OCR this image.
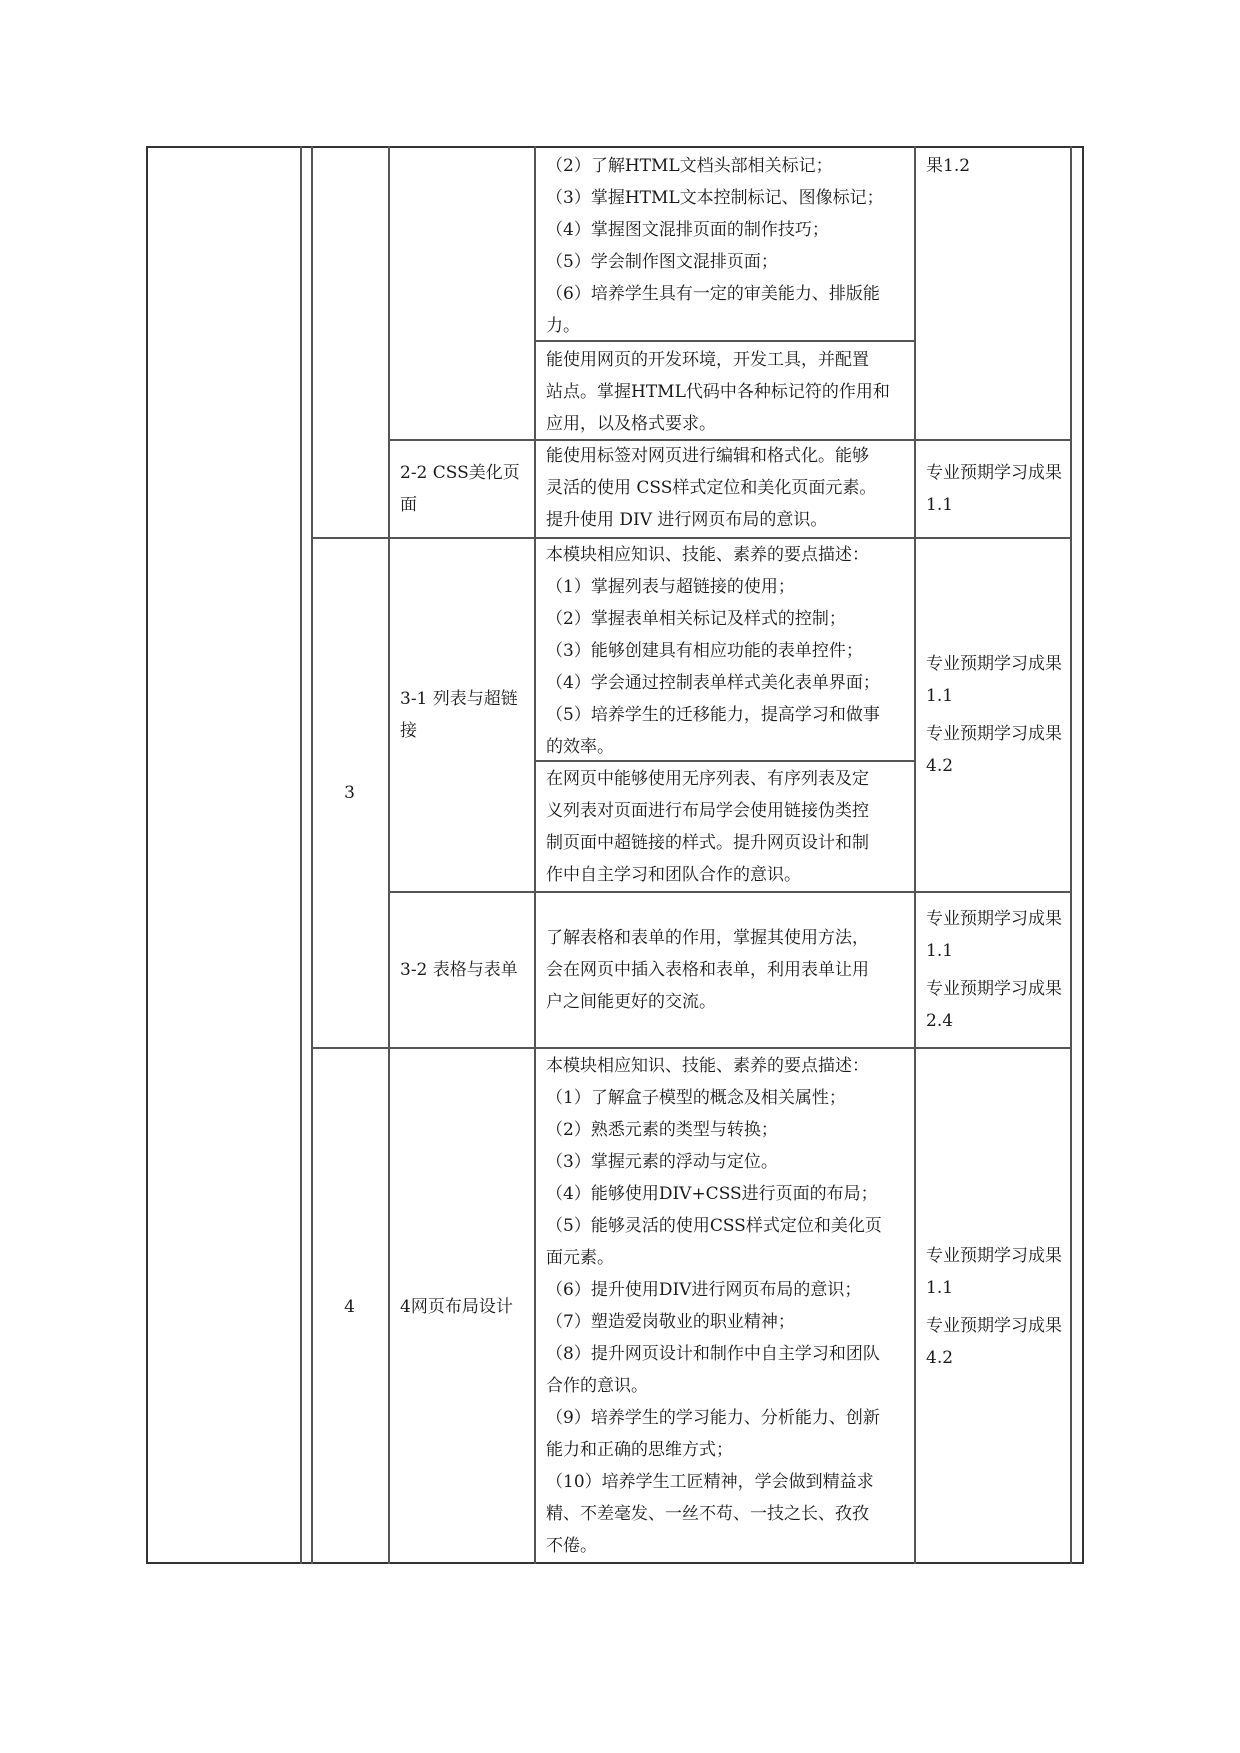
（2）了解HTML文档头部相关标记；

（3）掌握HTML文本控制标记、图像标记；

（4）掌握图文混排页面的制作技巧；

（5）学会制作图文混排页面；

（6）培养学生具有一定的审美能力、排版能

力。

能使用网页的开发环境，开发工具，并配置

站点。掌握HTML代码中各种标记符的作用和

应用，以及格式要求。

果1.2

2-2 CSS美化页面

能使用标签对网页进行编辑和格式化。能够

灵活的使用 CSS样式定位和美化页面元素。

提升使用 DIV 进行网页布局的意识。

专业预期学习成果1.1
3
3-1 列表与超链接

本模块相应知识、技能、素养的要点描述：

（1）掌握列表与超链接的使用；

（2）掌握表单相关标记及样式的控制；

（3）能够创建具有相应功能的表单控件；

（4）学会通过控制表单样式美化表单界面；

（5）培养学生的迁移能力，提高学习和做事

的效率。

在网页中能够使用无序列表、有序列表及定

义列表对页面进行布局学会使用链接伪类控

制页面中超链接的样式。提升网页设计和制

作中自主学习和团队合作的意识。

专业预期学习成果1.1
专业预期学习成果4.2
3-2 表格与表单

了解表格和表单的作用，掌握其使用方法，

会在网页中插入表格和表单，利用表单让用

户之间能更好的交流。

专业预期学习成果1.1
专业预期学习成果2.4
4	4网页布局设计

本模块相应知识、技能、素养的要点描述：

（1）了解盒子模型的概念及相关属性；

（2）熟悉元素的类型与转换；

（3）掌握元素的浮动与定位。

（4）能够使用DIV+CSS进行页面的布局；

（5）能够灵活的使用CSS样式定位和美化页

面元素。

（6）提升使用DIV进行网页布局的意识；

（7）塑造爱岗敬业的职业精神；

（8）提升网页设计和制作中自主学习和团队

合作的意识。

（9）培养学生的学习能力、分析能力、创新

能力和正确的思维方式；

（10）培养学生工匠精神，学会做到精益求

精、不差毫发、一丝不苟、一技之长、孜孜

不倦。

专业预期学习成果1.1
专业预期学习成果4.2
